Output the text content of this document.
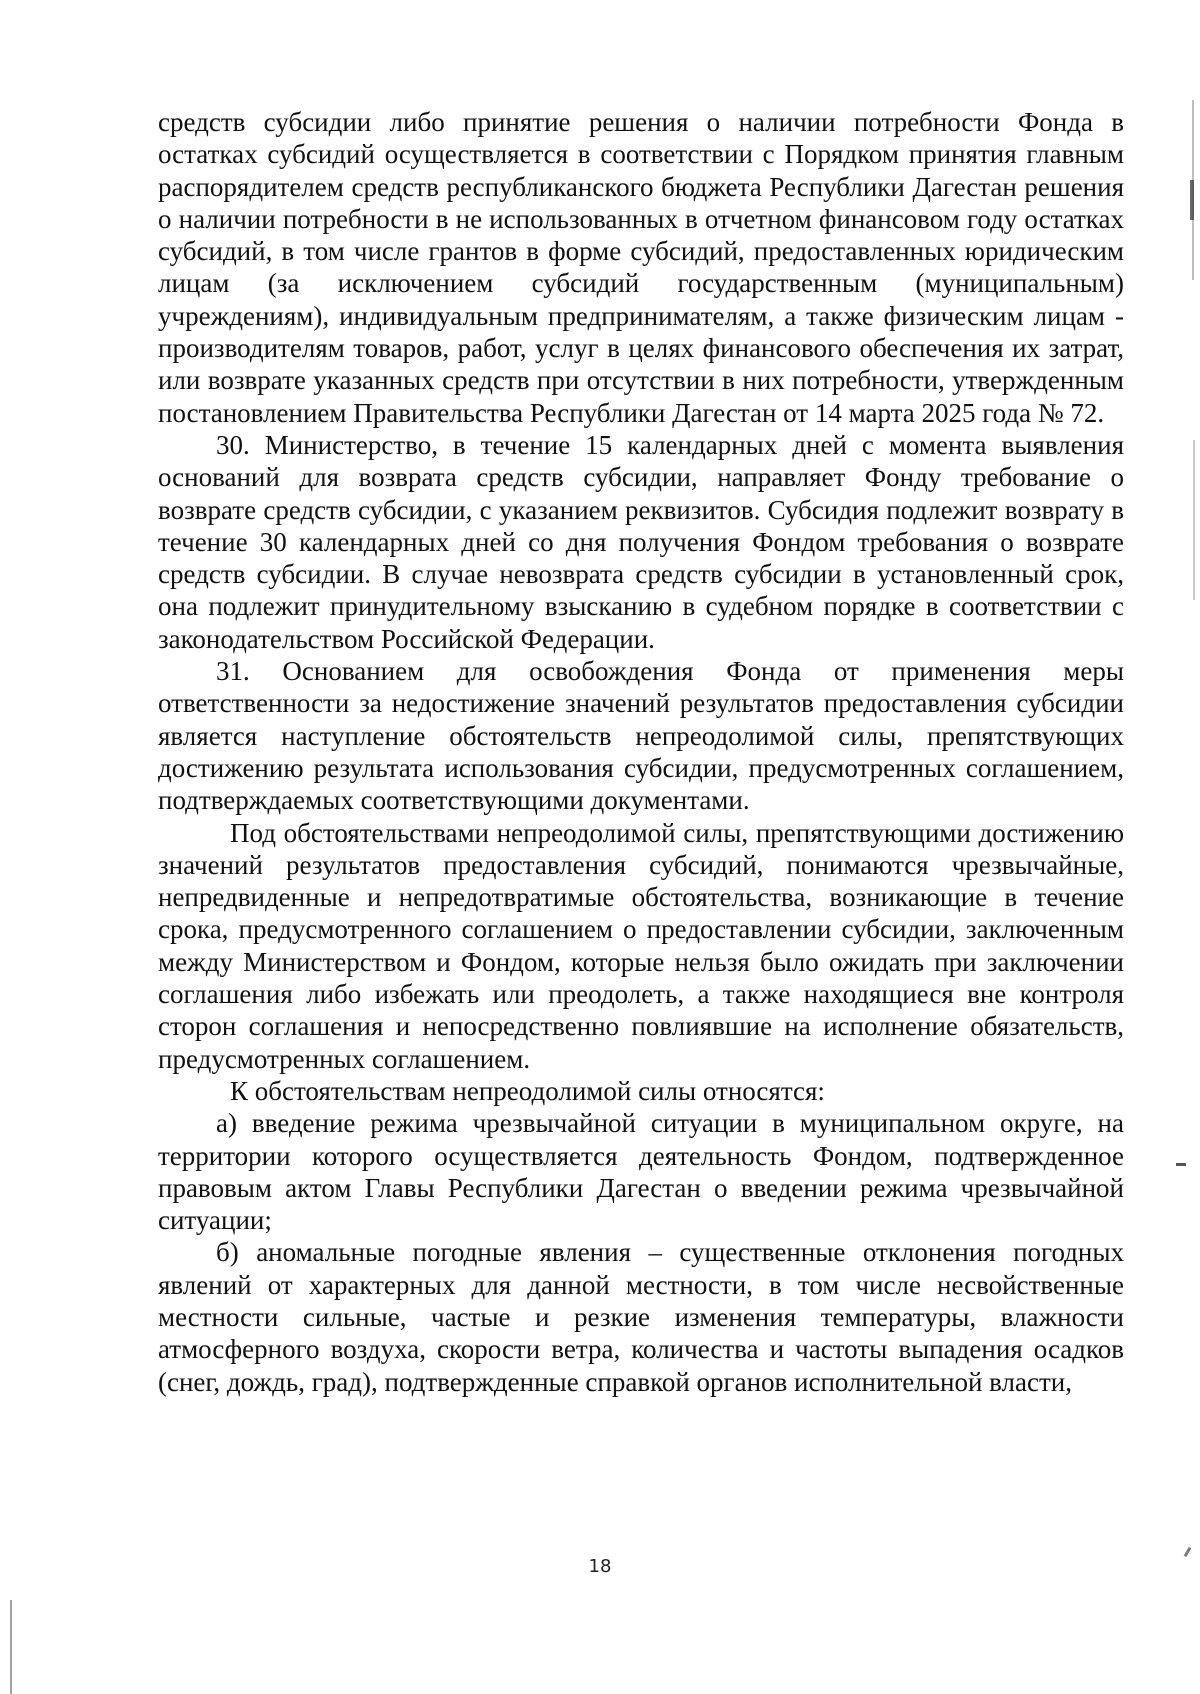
средств субсидии либо принятие решения о наличии потребности Фонда в остатках субсидий осуществляется в соответствии с Порядком принятия главным распорядителем средств республиканского бюджета Республики Дагестан решения о наличии потребности в не использованных в отчетном финансовом году остатках субсидий, в том числе грантов в форме субсидий, предоставленных юридическим лицам (за исключением субсидий государственным (муниципальным) учреждениям), индивидуальным предпринимателям, а также физическим лицам - производителям товаров, работ, услуг в целях финансового обеспечения их затрат, или возврате указанных средств при отсутствии в них потребности, утвержденным постановлением Правительства Республики Дагестан от 14 марта 2025 года № 72.

30. Министерство, в течение 15 календарных дней с момента выявления оснований для возврата средств субсидии, направляет Фонду требование о возврате средств субсидии, с указанием реквизитов. Субсидия подлежит возврату в течение 30 календарных дней со дня получения Фондом требования о возврате средств субсидии. В случае невозврата средств субсидии в установленный срок, она подлежит принудительному взысканию в судебном порядке в соответствии с законодательством Российской Федерации.

31. Основанием для освобождения Фонда от применения меры ответственности за недостижение значений результатов предоставления субсидии является наступление обстоятельств непреодолимой силы, препятствующих достижению результата использования субсидии, предусмотренных соглашением, подтверждаемых соответствующими документами.

Под обстоятельствами непреодолимой силы, препятствующими достижению значений результатов предоставления субсидий, понимаются чрезвычайные, непредвиденные и непредотвратимые обстоятельства, возникающие в течение срока, предусмотренного соглашением о предоставлении субсидии, заключенным между Министерством и Фондом, которые нельзя было ожидать при заключении соглашения либо избежать или преодолеть, а также находящиеся вне контроля сторон соглашения и непосредственно повлиявшие на исполнение обязательств, предусмотренных соглашением.

К обстоятельствам непреодолимой силы относятся:

а) введение режима чрезвычайной ситуации в муниципальном округе, на территории которого осуществляется деятельность Фондом, подтвержденное правовым актом Главы Республики Дагестан о введении режима чрезвычайной ситуации;

б) аномальные погодные явления – существенные отклонения погодных явлений от характерных для данной местности, в том числе несвойственные местности сильные, частые и резкие изменения температуры, влажности атмосферного воздуха, скорости ветра, количества и частоты выпадения осадков (снег, дождь, град), подтвержденные справкой органов исполнительной власти,

18
